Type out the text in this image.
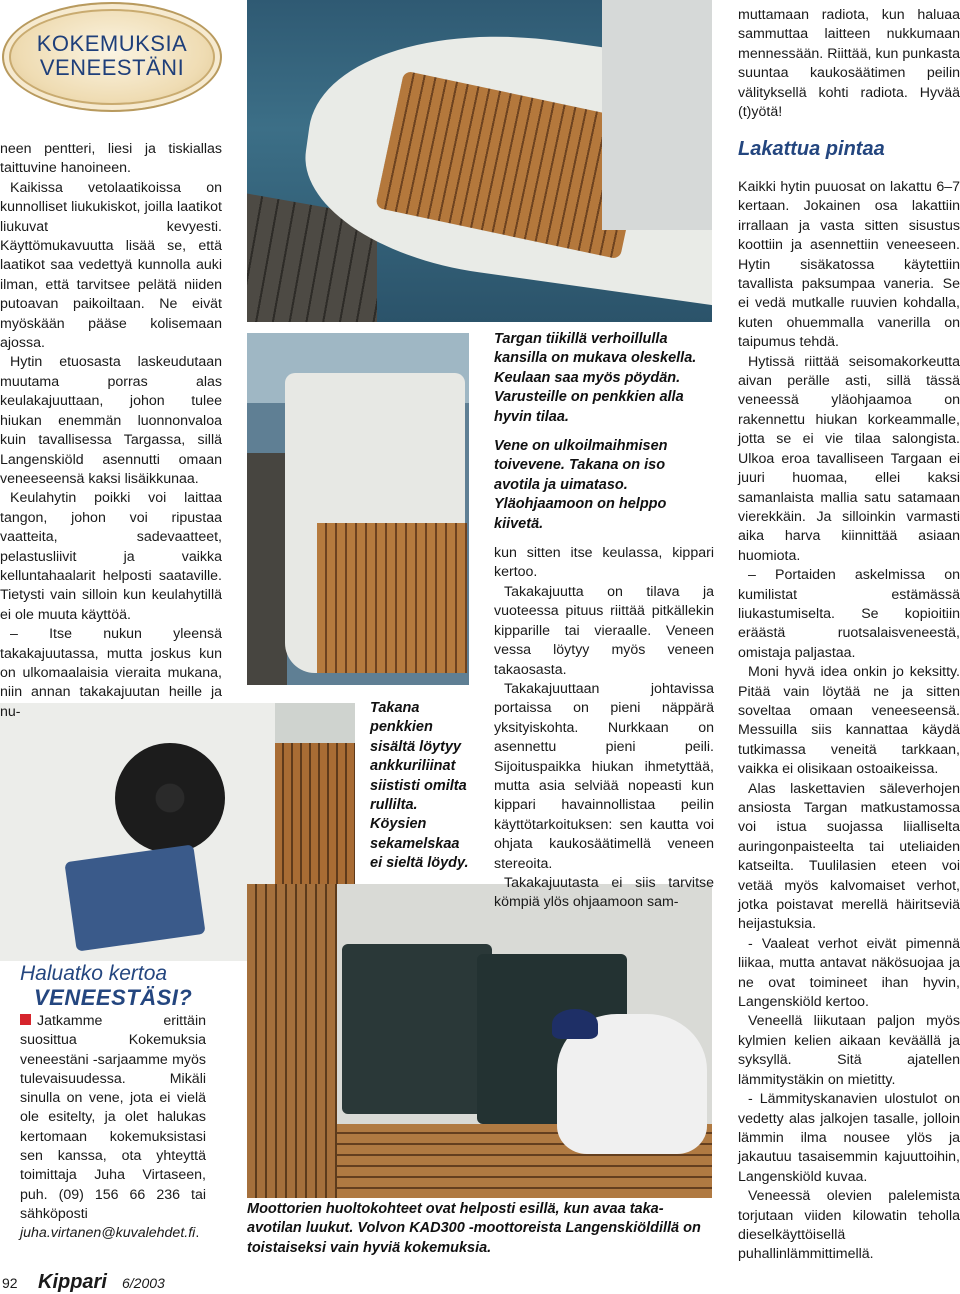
KOKEMUKSIA
VENEESTÄNI

neen pentteri, liesi ja tiskiallas taittuvine hanoineen.

Kaikissa vetolaatikoissa on kunnolliset liukukiskot, joilla laatikot liukuvat kevyesti. Käyttömukavuutta lisää se, että laatikot saa vedettyä kunnolla auki ilman, että tarvitsee pelätä niiden putoavan paikoiltaan. Ne eivät myöskään pääse kolisemaan ajossa.

Hytin etuosasta laskeudutaan muutama porras alas keulakajuuttaan, johon tulee hiukan enemmän luonnonvaloa kuin tavallisessa Targassa, sillä Langenskiöld asennutti omaan veneeseensä kaksi lisäikkunaa.

Keulahytin poikki voi laittaa tangon, johon voi ripustaa vaatteita, sadevaatteet, pelastusliivit ja vaikka kelluntahaalarit helposti saataville. Tietysti vain silloin kun keulahytillä ei ole muuta käyttöä.

– Itse nukun yleensä takakajuutassa, mutta joskus kun on ulkomaalaisia vieraita mukana, niin annan takakajuutan heille ja nu-

Haluatko kertoa
VENEESTÄSI?

Jatkamme erittäin suosittua Kokemuksia veneestäni -sarjaamme myös tulevaisuudessa. Mikäli sinulla on vene, jota ei vielä ole esitelty, ja olet halukas kertomaan kokemuksistasi sen kanssa, ota yhteyttä toimittaja Juha Virtaseen, puh. (09) 156 66 236 tai sähköposti juha.virtanen@kuvalehdet.fi.

Takana penkkien sisältä löytyy ankkuriliinat siististi omilta rullilta. Köysien sekamelskaa ei sieltä löydy.
Targan tiikillä verhoillulla kansilla on mukava oleskella. Keulaan saa myös pöydän. Varusteille on penkkien alla hyvin tilaa.
Vene on ulkoilmaihmisen toivevene. Takana on iso avotila ja uimataso. Yläohjaamoon on helppo kiivetä.

kun sitten itse keulassa, kippari kertoo.

Takakajuutta on tilava ja vuoteessa pituus riittää pitkällekin kipparille tai vieraalle. Veneen vessa löytyy myös veneen takaosasta.

Takakajuuttaan johtavissa portaissa on pieni näppärä yksityiskohta. Nurkkaan on asennettu pieni peili. Sijoituspaikka hiukan ihmetyttää, mutta asia selviää nopeasti kun kippari havainnollistaa peilin käyttötarkoituksen: sen kautta voi ohjata kaukosäätimellä veneen stereoita.

Takakajuutasta ei siis tarvitse kömpiä ylös ohjaamoon sam-

Moottorien huoltokohteet ovat helposti esillä, kun avaa taka-avotilan luukut. Volvon KAD300 -moottoreista Langenskiöldillä on toistaiseksi vain hyviä kokemuksia.

muttamaan radiota, kun haluaa sammuttaa laitteen nukkumaan mennessään. Riittää, kun punkasta suuntaa kaukosäätimen peilin välityksellä kohti radiota. Hyvää (t)yötä!

Lakattua pintaa

Kaikki hytin puuosat on lakattu 6–7 kertaan. Jokainen osa lakattiin irrallaan ja vasta sitten sisustus koottiin ja asennettiin veneeseen. Hytin sisäkatossa käytettiin tavallista paksumpaa vaneria. Se ei vedä mutkalle ruuvien kohdalla, kuten ohuemmalla vanerilla on taipumus tehdä.

Hytissä riittää seisomakorkeutta aivan perälle asti, sillä tässä veneessä yläohjaamoa on rakennettu hiukan korkeammalle, jotta se ei vie tilaa salongista. Ulkoa eroa tavalliseen Targaan ei juuri huomaa, ellei kaksi samanlaista mallia satu satamaan vierekkäin. Ja silloinkin varmasti aika harva kiinnittää asiaan huomiota.

– Portaiden askelmissa on kumilistat estämässä liukastumiselta. Se kopioitiin eräästä ruotsalaisveneestä, omistaja paljastaa.

Moni hyvä idea onkin jo keksitty. Pitää vain löytää ne ja sitten soveltaa omaan veneeseensä. Messuilla siis kannattaa käydä tutkimassa veneitä tarkkaan, vaikka ei olisikaan ostoaikeissa.

Alas laskettavien säleverhojen ansiosta Targan matkustamossa voi istua suojassa liialliselta auringonpaisteelta tai uteliaiden katseilta. Tuulilasien eteen voi vetää myös kalvomaiset verhot, jotka poistavat merellä häiritseviä heijastuksia.

- Vaaleat verhot eivät pimennä liikaa, mutta antavat näkösuojaa ja ne ovat toimineet ihan hyvin, Langenskiöld kertoo.

Veneellä liikutaan paljon myös kylmien kelien aikaan keväällä ja syksyllä. Sitä ajatellen lämmitystäkin on mietitty.

- Lämmityskanavien ulostulot on vedetty alas jalkojen tasalle, jolloin lämmin ilma nousee ylös ja jakautuu tasaisemmin kajuuttoihin, Langenskiöld kuvaa.

Veneessä olevien palelemista torjutaan viiden kilowatin teholla dieselkäyttöisellä puhallinlämmittimellä.

92 Kippari 6/2003
